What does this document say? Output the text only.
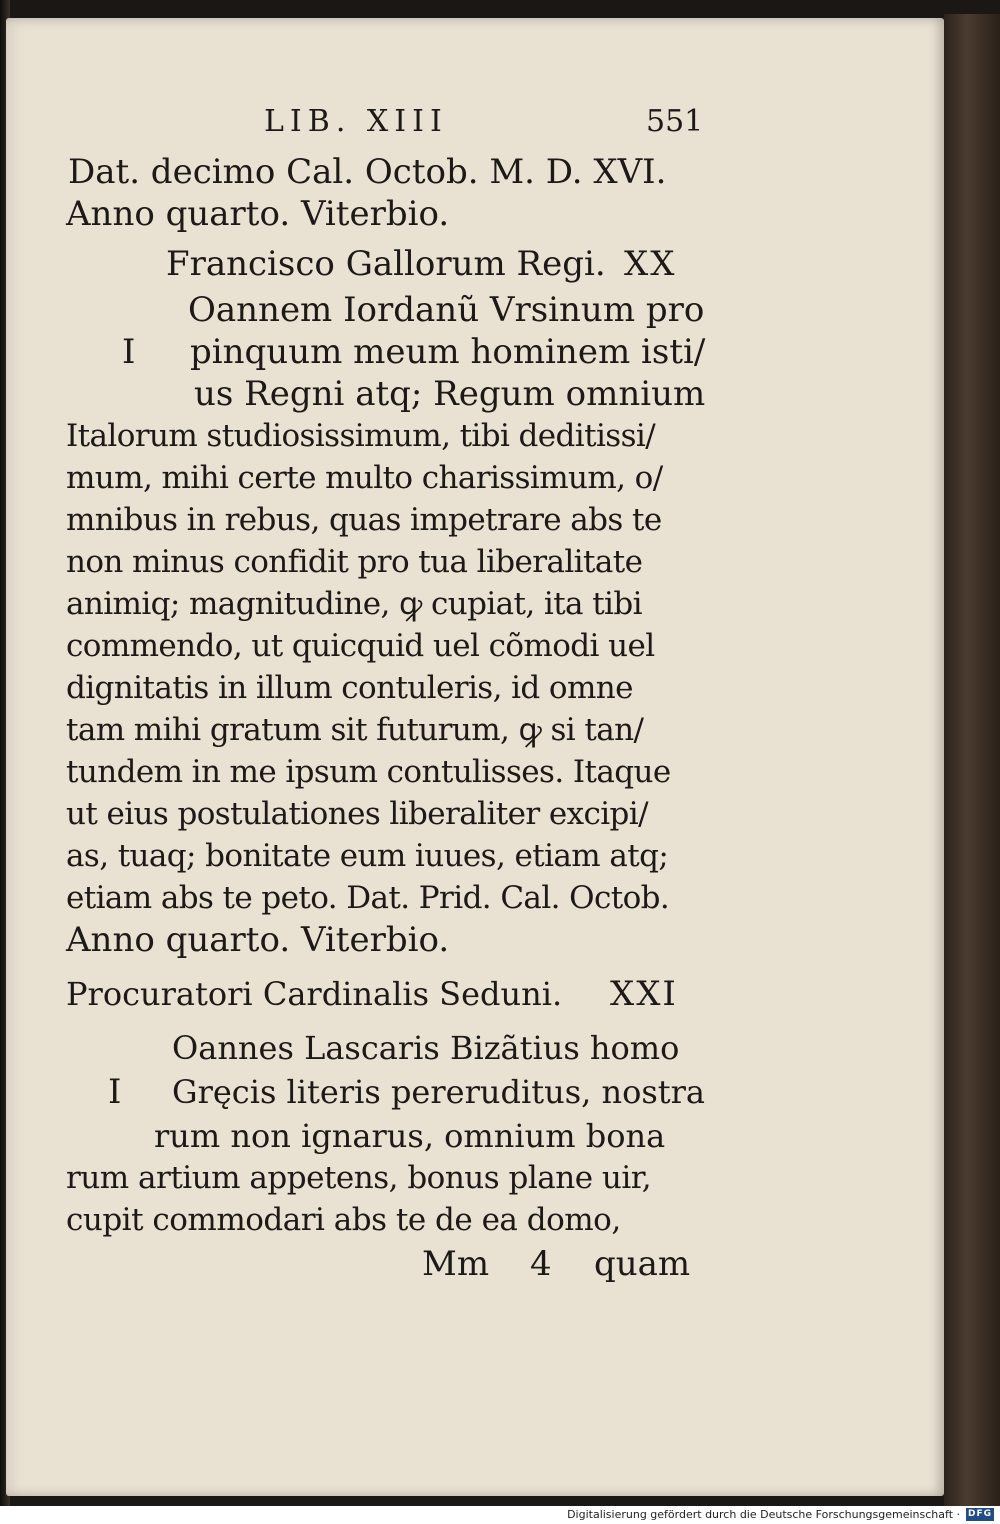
LIB. XIII	551
Dat. decimo Cal. Octob. M. D. XVI.
Anno quarto. Viterbio.
Francisco Gallorum Regi. XX
Oannem Iordanũ Vrsinum pro
I pinquum meum hominem isti/
us Regni atq; Regum omnium
Italorum studiosissimum, tibi deditissi/
mum, mihi certe multo charissimum, o/
mnibus in rebus, quas impetrare abs te
non minus confidit pro tua liberalitate
animiq; magnitudine, ꝙ cupiat, ita tibi
commendo, ut quicquid uel cõmodi uel
dignitatis in illum contuleris, id omne
tam mihi gratum sit futurum, ꝙ si tan/
tundem in me ipsum contulisses. Itaque
ut eius postulationes liberaliter excipi/
as, tuaq; bonitate eum iuues, etiam atq;
etiam abs te peto. Dat. Prid. Cal. Octob.
Anno quarto. Viterbio.
Procuratori Cardinalis Seduni. XXI
Oannes Lascaris Bizãtius homo
I Gręcis literis pereruditus, nostra
rum non ignarus, omnium bona
rum artium appetens, bonus plane uir,
cupit commodari abs te de ea domo,
Mm 4 quam
Digitalisierung gefördert durch die Deutsche Forschungsgemeinschaft · DFG
